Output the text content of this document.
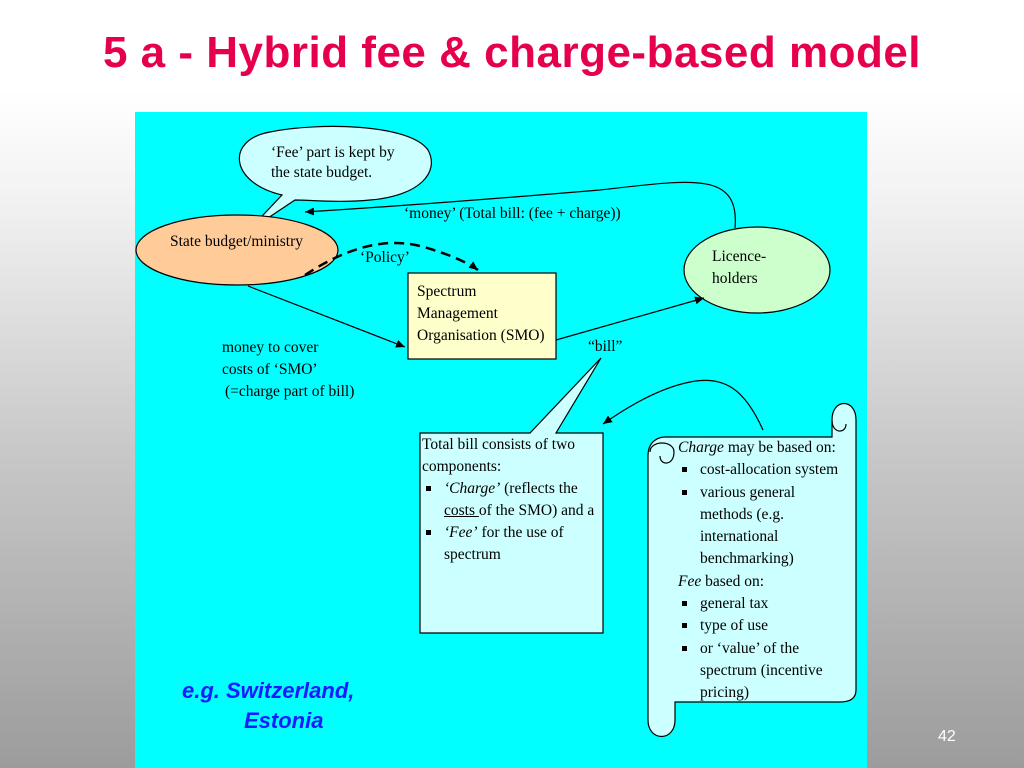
5 a - Hybrid fee & charge-based model
‘Fee’ part is kept by
the state budget.
State budget/ministry
‘money’ (Total bill: (fee + charge))
‘Policy’	Licence-
holders
Spectrum
Management
Organisation (SMO)
“bill”
money to cover
costs of ‘SMO’
(=charge part of bill)
Total bill consists of two
components:
‘Charge’ (reflects the
costs of the SMO) and a
‘Fee’ for the use of
spectrum
Charge may be based on:
cost-allocation system
various general
methods (e.g.
international
benchmarking)
Fee based on:
general tax
type of use
or ‘value’ of the
spectrum (incentive
pricing)
e.g. Switzerland,
Estonia
42
